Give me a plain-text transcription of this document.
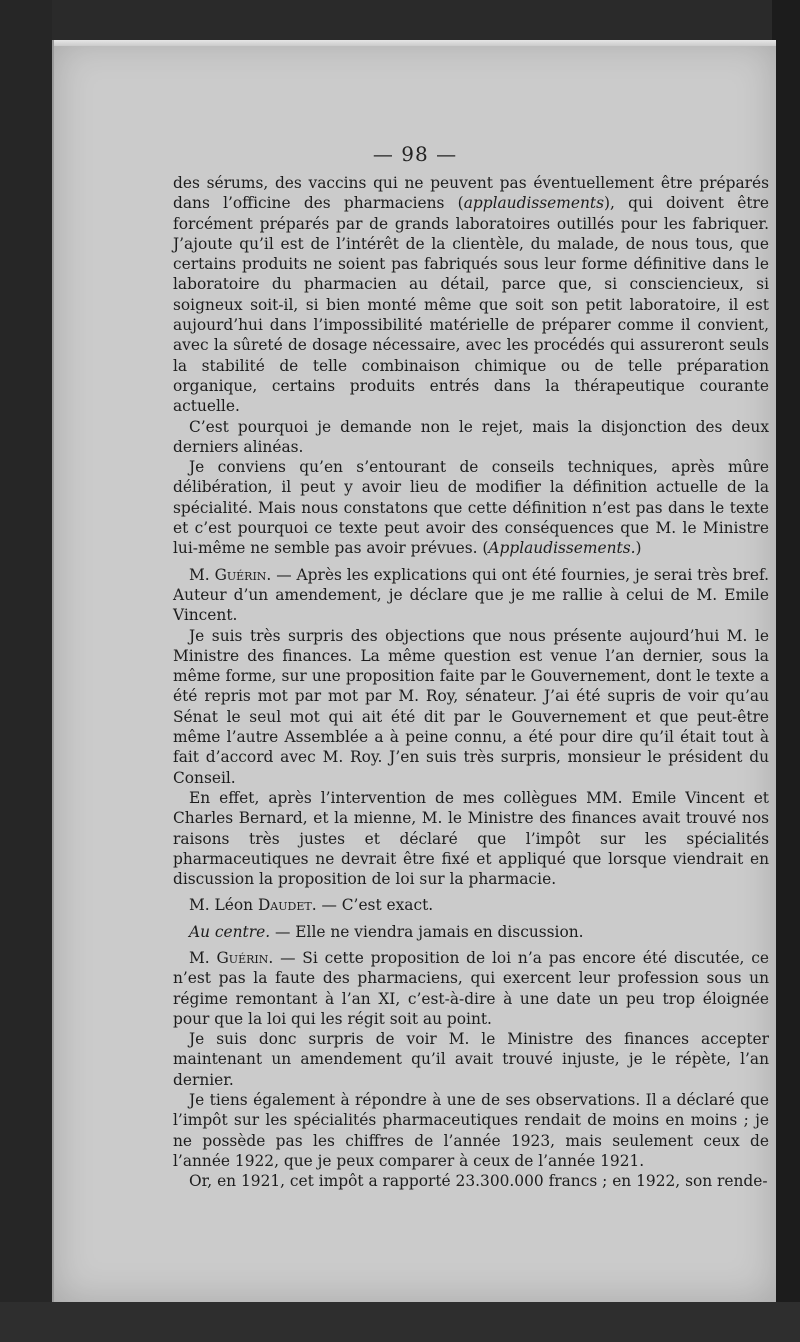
— 98 —

des sérums, des vaccins qui ne peuvent pas éventuellement être préparés dans l’officine des pharmaciens (applaudissements), qui doivent être forcément préparés par de grands laboratoires outillés pour les fabriquer. J’ajoute qu’il est de l’intérêt de la clientèle, du malade, de nous tous, que certains produits ne soient pas fabriqués sous leur forme définitive dans le laboratoire du pharmacien au détail, parce que, si consciencieux, si soigneux soit-il, si bien monté même que soit son petit laboratoire, il est aujourd’hui dans l’impossibilité matérielle de préparer comme il convient, avec la sûreté de dosage nécessaire, avec les procédés qui assureront seuls la stabilité de telle combinaison chimique ou de telle préparation organique, certains produits entrés dans la thérapeutique courante actuelle.

C’est pourquoi je demande non le rejet, mais la disjonction des deux derniers alinéas.

Je conviens qu’en s’entourant de conseils techniques, après mûre délibération, il peut y avoir lieu de modifier la définition actuelle de la spécialité. Mais nous constatons que cette définition n’est pas dans le texte et c’est pourquoi ce texte peut avoir des conséquences que M. le Ministre lui-même ne semble pas avoir prévues. (Applaudissements.)

M. Guérin. — Après les explications qui ont été fournies, je serai très bref. Auteur d’un amendement, je déclare que je me rallie à celui de M. Emile Vincent.

Je suis très surpris des objections que nous présente aujourd’hui M. le Ministre des finances. La même question est venue l’an dernier, sous la même forme, sur une proposition faite par le Gouvernement, dont le texte a été repris mot par mot par M. Roy, sénateur. J’ai été supris de voir qu’au Sénat le seul mot qui ait été dit par le Gouvernement et que peut-être même l’autre Assemblée a à peine connu, a été pour dire qu’il était tout à fait d’accord avec M. Roy. J’en suis très surpris, monsieur le président du Conseil.

En effet, après l’intervention de mes collègues MM. Emile Vincent et Charles Bernard, et la mienne, M. le Ministre des finances avait trouvé nos raisons très justes et déclaré que l’impôt sur les spécialités pharmaceutiques ne devrait être fixé et appliqué que lorsque viendrait en discussion la proposition de loi sur la pharmacie.

M. Léon Daudet. — C’est exact.

Au centre. — Elle ne viendra jamais en discussion.

M. Guérin. — Si cette proposition de loi n’a pas encore été discutée, ce n’est pas la faute des pharmaciens, qui exercent leur profession sous un régime remontant à l’an XI, c’est-à-dire à une date un peu trop éloignée pour que la loi qui les régit soit au point.

Je suis donc surpris de voir M. le Ministre des finances accepter maintenant un amendement qu’il avait trouvé injuste, je le répète, l’an dernier.

Je tiens également à répondre à une de ses observations. Il a déclaré que l’impôt sur les spécialités pharmaceutiques rendait de moins en moins ; je ne possède pas les chiffres de l’année 1923, mais seulement ceux de l’année 1922, que je peux comparer à ceux de l’année 1921.

Or, en 1921, cet impôt a rapporté 23.300.000 francs ; en 1922, son rende-
